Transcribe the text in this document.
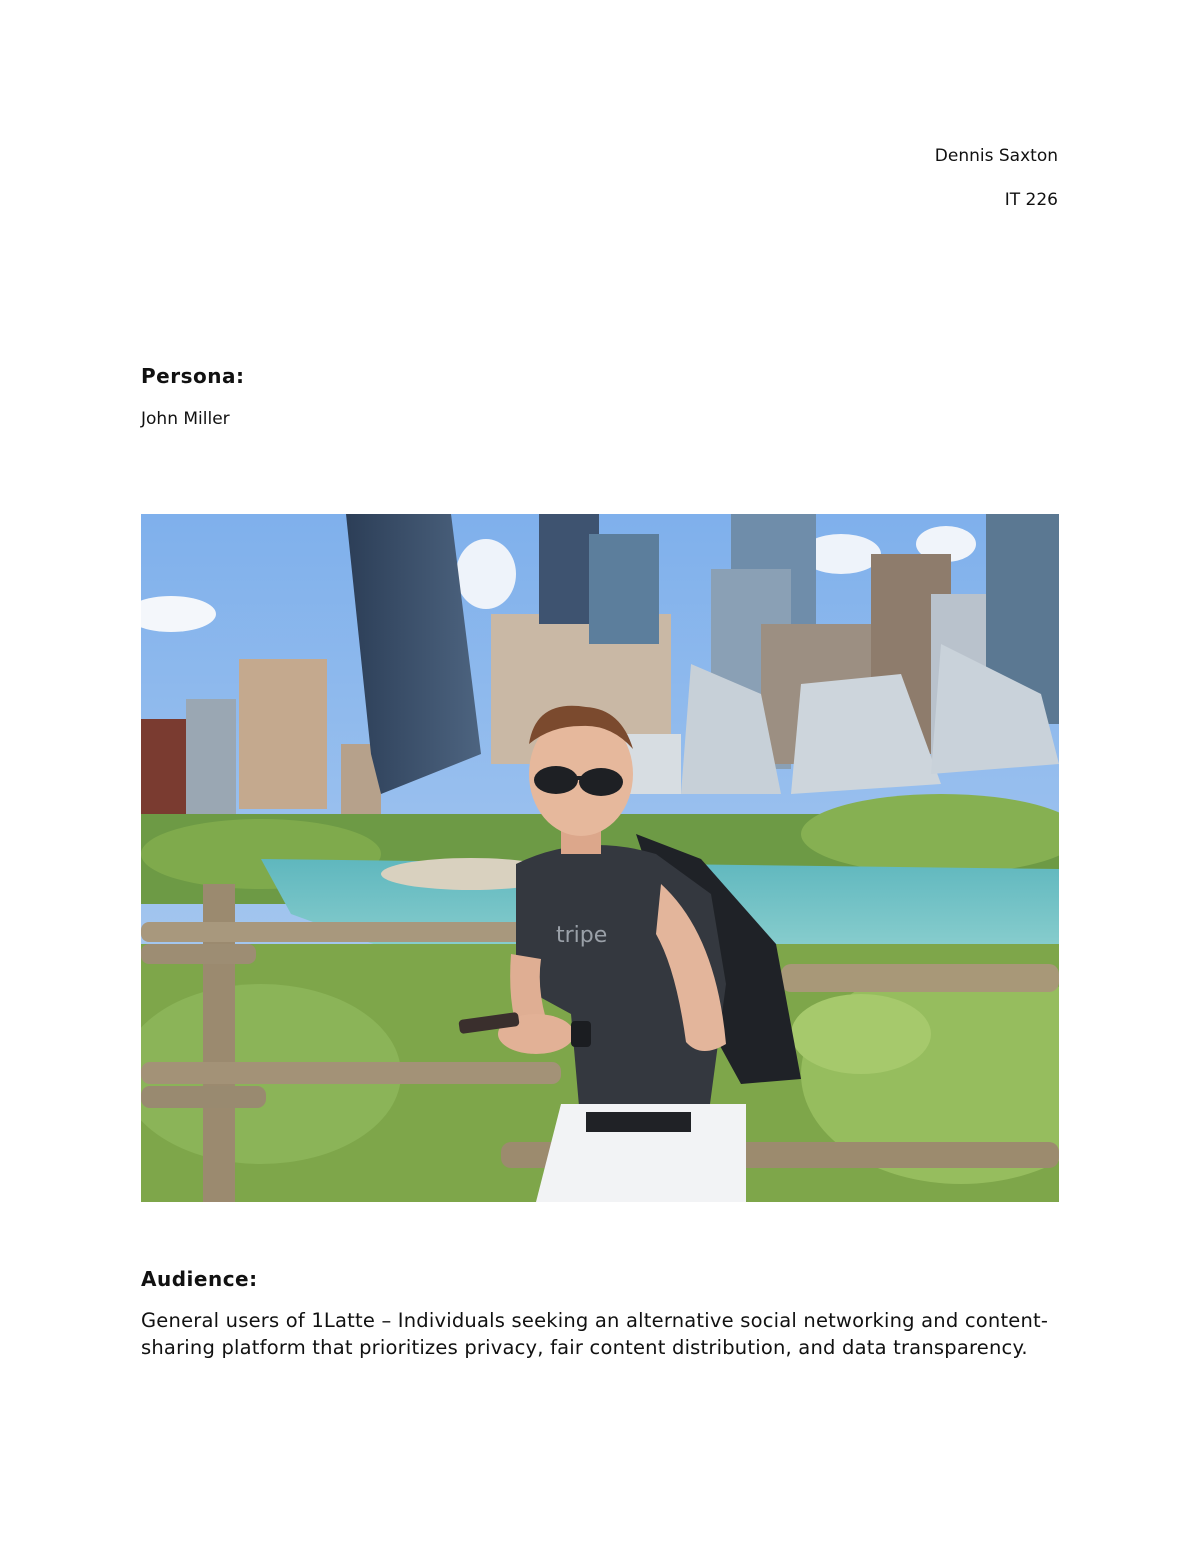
Dennis Saxton
IT 226
Persona:
John Miller
tripe
Audience:
General users of 1Latte – Individuals seeking an alternative social networking and content-sharing platform that prioritizes privacy, fair content distribution, and data transparency.
